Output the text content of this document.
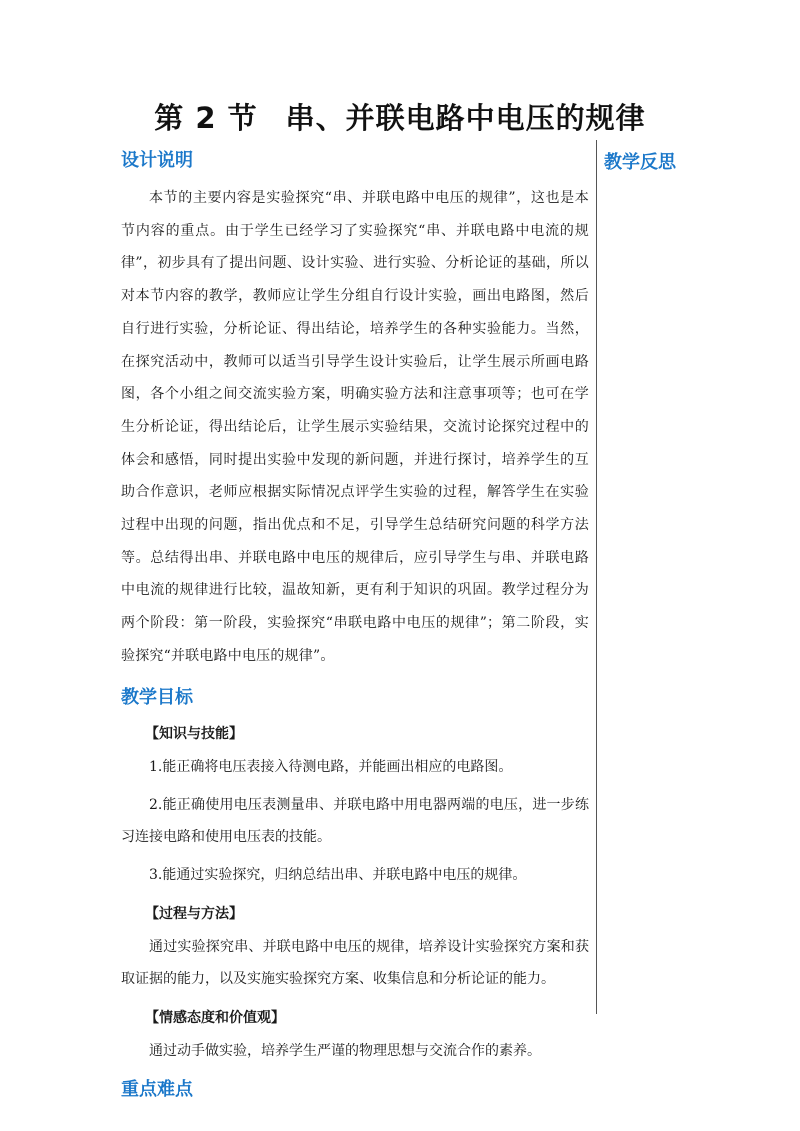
第 2 节 串、并联电路中电压的规律
教学反思
设计说明

本节的主要内容是实验探究“串、并联电路中电压的规律”，这也是本节内容的重点。由于学生已经学习了实验探究“串、并联电路中电流的规律”，初步具有了提出问题、设计实验、进行实验、分析论证的基础，所以对本节内容的教学，教师应让学生分组自行设计实验，画出电路图，然后自行进行实验，分析论证、得出结论，培养学生的各种实验能力。当然，在探究活动中，教师可以适当引导学生设计实验后，让学生展示所画电路图，各个小组之间交流实验方案，明确实验方法和注意事项等；也可在学生分析论证，得出结论后，让学生展示实验结果，交流讨论探究过程中的体会和感悟，同时提出实验中发现的新问题，并进行探讨，培养学生的互助合作意识，老师应根据实际情况点评学生实验的过程，解答学生在实验过程中出现的问题，指出优点和不足，引导学生总结研究问题的科学方法等。总结得出串、并联电路中电压的规律后，应引导学生与串、并联电路中电流的规律进行比较，温故知新，更有利于知识的巩固。教学过程分为两个阶段：第一阶段，实验探究“串联电路中电压的规律”；第二阶段，实验探究“并联电路中电压的规律”。

教学目标
【知识与技能】

1.能正确将电压表接入待测电路，并能画出相应的电路图。

2.能正确使用电压表测量串、并联电路中用电器两端的电压，进一步练习连接电路和使用电压表的技能。

3.能通过实验探究，归纳总结出串、并联电路中电压的规律。

【过程与方法】

通过实验探究串、并联电路中电压的规律，培养设计实验探究方案和获取证据的能力，以及实施实验探究方案、收集信息和分析论证的能力。

【情感态度和价值观】

通过动手做实验，培养学生严谨的物理思想与交流合作的素养。

重点难点
